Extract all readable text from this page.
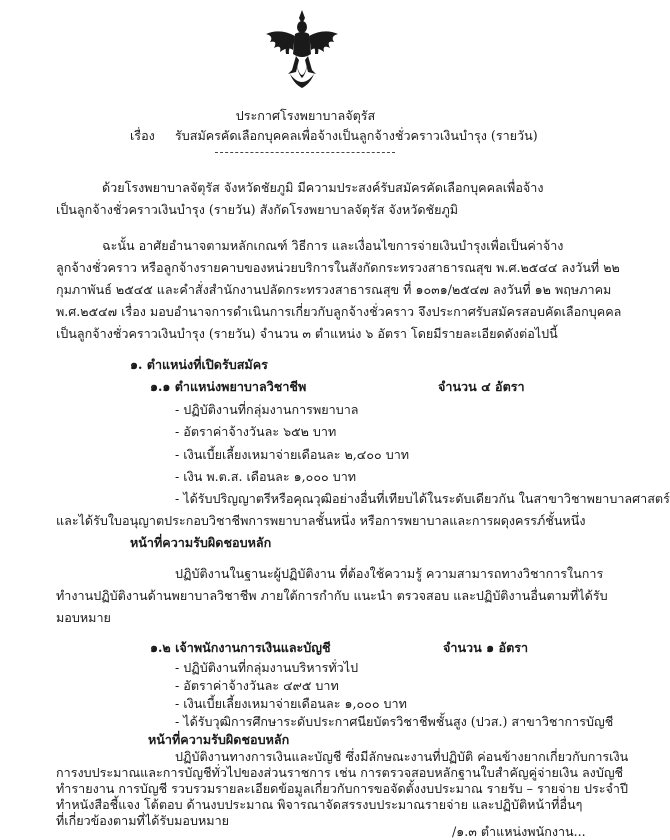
ประกาศโรงพยาบาลจัตุรัส
เรื่อง รับสมัครคัดเลือกบุคคลเพื่อจ้างเป็นลูกจ้างชั่วคราวเงินบำรุง (รายวัน)
ด้วยโรงพยาบาลจัตุรัส จังหวัดชัยภูมิ มีความประสงค์รับสมัครคัดเลือกบุคคลเพื่อจ้าง
เป็นลูกจ้างชั่วคราวเงินบำรุง (รายวัน) สังกัดโรงพยาบาลจัตุรัส จังหวัดชัยภูมิ
ฉะนั้น อาศัยอำนาจตามหลักเกณฑ์ วิธีการ และเงื่อนไขการจ่ายเงินบำรุงเพื่อเป็นค่าจ้าง
ลูกจ้างชั่วคราว หรือลูกจ้างรายคาบของหน่วยบริการในสังกัดกระทรวงสาธารณสุข พ.ศ.๒๕๔๔ ลงวันที่ ๒๒
กุมภาพันธ์ ๒๕๔๕ และคำสั่งสำนักงานปลัดกระทรวงสาธารณสุข ที่ ๑๐๓๑/๒๕๔๗ ลงวันที่ ๑๒ พฤษภาคม
พ.ศ.๒๕๔๗ เรื่อง มอบอำนาจการดำเนินการเกี่ยวกับลูกจ้างชั่วคราว จึงประกาศรับสมัครสอบคัดเลือกบุคคล
เป็นลูกจ้างชั่วคราวเงินบำรุง (รายวัน) จำนวน ๓ ตำแหน่ง ๖ อัตรา โดยมีรายละเอียดดังต่อไปนี้
๑. ตำแหน่งที่เปิดรับสมัคร
๑.๑ ตำแหน่งพยาบาลวิชาชีพ	จำนวน ๔ อัตรา
- ปฏิบัติงานที่กลุ่มงานการพยาบาล
- อัตราค่าจ้างวันละ ๖๕๒ บาท
- เงินเบี้ยเลี้ยงเหมาจ่ายเดือนละ ๒,๔๐๐ บาท
- เงิน พ.ต.ส. เดือนละ ๑,๐๐๐ บาท
- ได้รับปริญญาตรีหรือคุณวุฒิอย่างอื่นที่เทียบได้ในระดับเดียวกัน ในสาขาวิชาพยาบาลศาสตร์
และได้รับใบอนุญาตประกอบวิชาชีพการพยาบาลชั้นหนึ่ง หรือการพยาบาลและการผดุงครรภ์ชั้นหนึ่ง
หน้าที่ความรับผิดชอบหลัก
ปฏิบัติงานในฐานะผู้ปฏิบัติงาน ที่ต้องใช้ความรู้ ความสามารถทางวิชาการในการ
ทำงานปฏิบัติงานด้านพยาบาลวิชาชีพ ภายใต้การกำกับ แนะนำ ตรวจสอบ และปฏิบัติงานอื่นตามที่ได้รับ
มอบหมาย
๑.๒ เจ้าพนักงานการเงินและบัญชี	จำนวน ๑ อัตรา
- ปฏิบัติงานที่กลุ่มงานบริหารทั่วไป
- อัตราค่าจ้างวันละ ๔๙๕ บาท
- เงินเบี้ยเลี้ยงเหมาจ่ายเดือนละ ๑,๐๐๐ บาท
- ได้รับวุฒิการศึกษาระดับประกาศนียบัตรวิชาชีพชั้นสูง (ปวส.) สาขาวิชาการบัญชี
หน้าที่ความรับผิดชอบหลัก
ปฏิบัติงานทางการเงินและบัญชี ซึ่งมีลักษณะงานที่ปฏิบัติ ค่อนข้างยากเกี่ยวกับการเงิน
การงบประมาณและการบัญชีทั่วไปของส่วนราชการ เช่น การตรวจสอบหลักฐานใบสำคัญคู่จ่ายเงิน ลงบัญชี
ทำรายงาน การบัญชี รวบรวมรายละเอียดข้อมูลเกี่ยวกับการขอจัดตั้งงบประมาณ รายรับ – รายจ่าย ประจำปี
ทำหนังสือชี้แจง โต้ตอบ ด้านงบประมาณ พิจารณาจัดสรรงบประมาณรายจ่าย และปฏิบัติหน้าที่อื่นๆ
ที่เกี่ยวข้องตามที่ได้รับมอบหมาย
/๑.๓ ตำแหน่งพนักงาน...
